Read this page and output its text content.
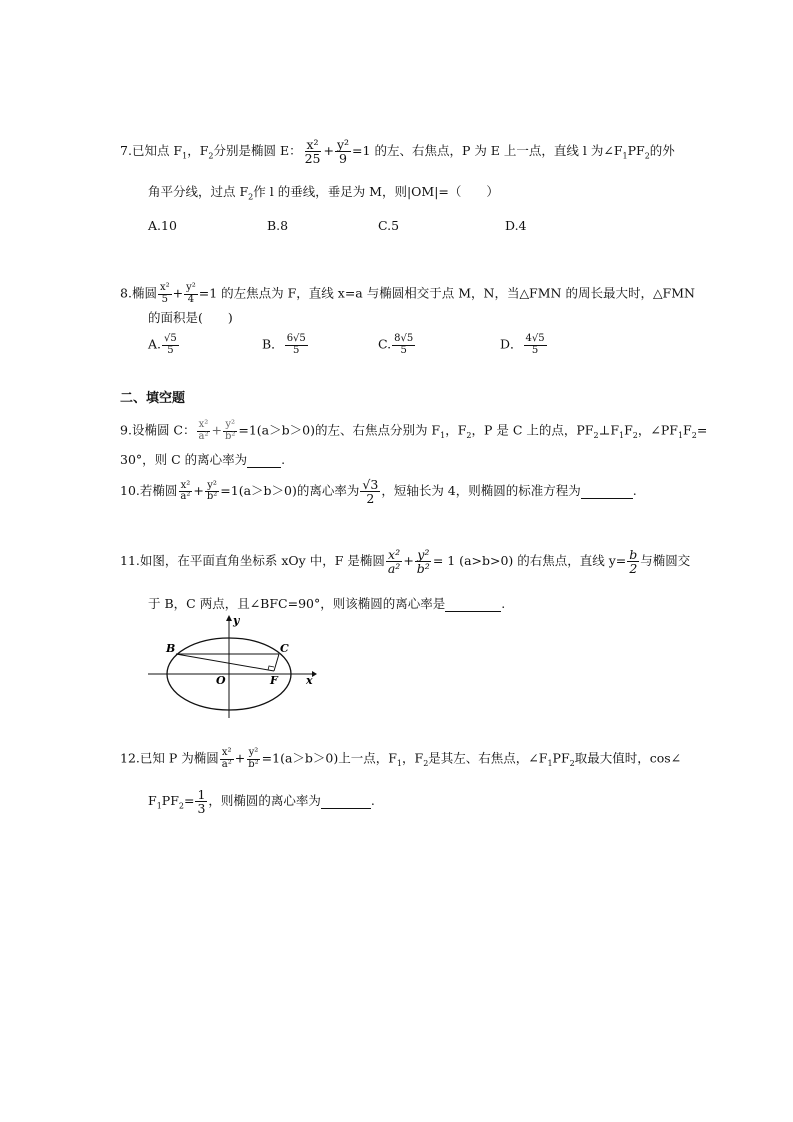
7.已知点 $F_1$，$F_2$分别是椭圆 E： $\frac{\text{x²}}{25} + \frac{\text{y²}}{9} =1$ 的左、右焦点，P 为 E 上一点，直线 l 为$\angle F_1PF_2$的外
角平分线，过点 $F_2$作 l 的垂线，垂足为 M，则|OM|=（　　）
A.10	B.8	C.5	D.4
8.椭圆 $\frac{\text{x²}}{5} + \frac{\text{y²}}{4} =1$ 的左焦点为 F，直线 x=a 与椭圆相交于点 M，N，当△FMN 的周长最大时，△FMN
的面积是(　　)
A. $\frac{√5}{5}$	B． $\frac{6√5}{5}$	C. $\frac{8√5}{5}$	D． $\frac{4√5}{5}$
二、填空题
9.设椭圆 C： $\frac{\text{x²}}{\text{a²}} + \frac{\text{y²}}{\text{b²}} =1(a>b>0)$的左、右焦点分别为 $F_1$，$F_2$，P 是 C 上的点，$PF_2\perp F_1F_2$，$\angle PF_1F_2=$
30°，则 C 的离心率为	.
10.若椭圆 $\frac{\text{x²}}{\text{a²}} + \frac{\text{y²}}{\text{b²}} =1(a>b>0)$的离心率为 $\frac{√3}{2}$ ，短轴长为 4，则椭圆的标准方程为	.
11.如图，在平面直角坐标系 xOy 中，F 是椭圆 $\frac{\text{x²}}{\text{a²}} + \frac{\text{y²}}{\text{b²}} = 1$ (a>b>0) 的右焦点，直线 $y= \frac{b}{2}$ 与椭圆交
于 B，C 两点，且∠BFC=90°，则该椭圆的离心率是	.
B	C
O	F	x
y
12.已知 P 为椭圆 $\frac{\text{x²}}{\text{a²}} + \frac{\text{y²}}{\text{b²}} =1(a>b>0)$上一点，$F_1$，$F_2$是其左、右焦点，$\angle F_1PF_2$取最大值时，cos∠
$F_1PF_2= \frac{1}{3}$ ，则椭圆的离心率为	.
